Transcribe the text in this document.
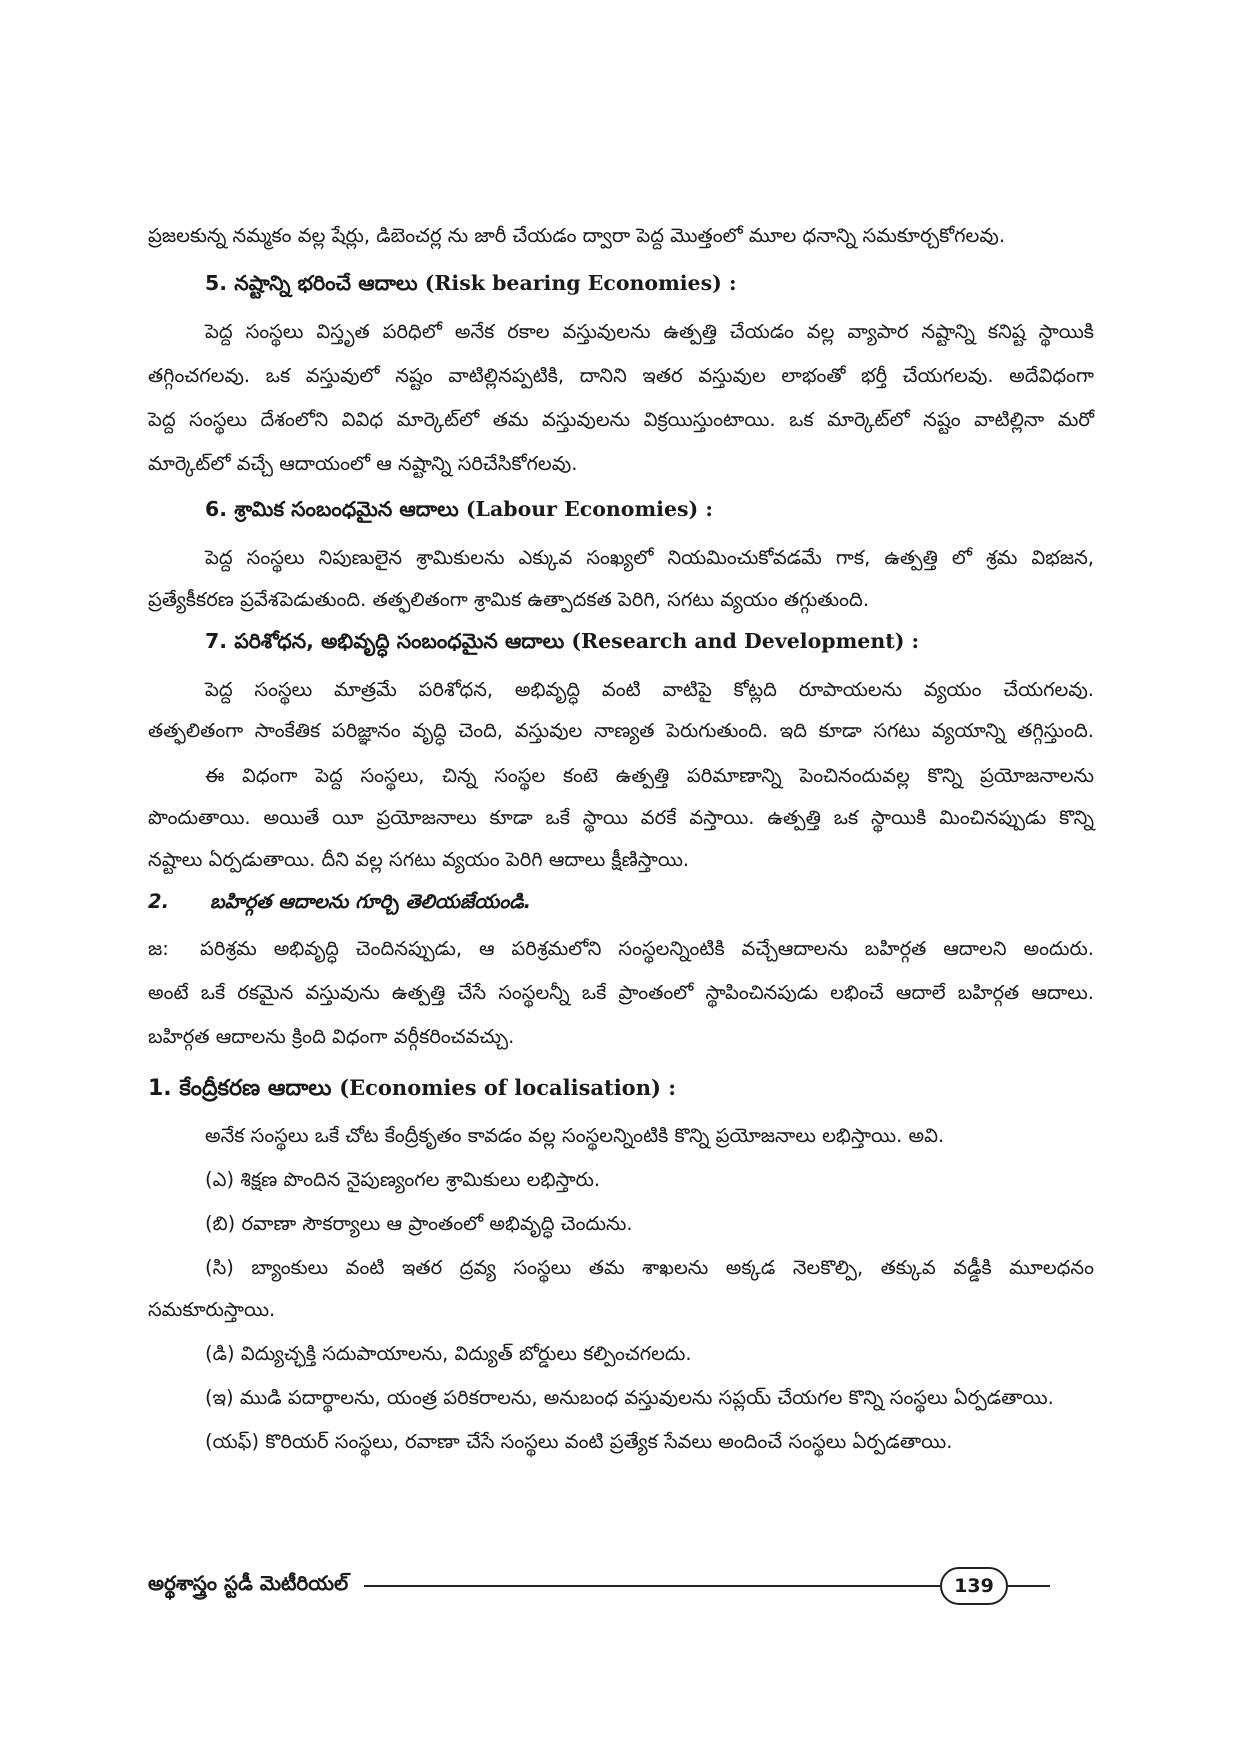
ప్రజలకున్న నమ్మకం వల్ల షేర్లు, డిబెంచర్ల ను జారీ చేయడం ద్వారా పెద్ద మొత్తంలో మూల ధనాన్ని సమకూర్చకోగలవు.
5. నష్టాన్ని భరించే ఆదాలు (Risk bearing Economies) :
పెద్ద సంస్థలు విస్తృత పరిధిలో అనేక రకాల వస్తువులను ఉత్పత్తి చేయడం వల్ల వ్యాపార నష్టాన్ని కనిష్ట స్థాయికి
తగ్గించగలవు. ఒక వస్తువులో నష్టం వాటిల్లినప్పటికి, దానిని ఇతర వస్తువుల లాభంతో భర్తీ చేయగలవు. అదేవిధంగా
పెద్ద సంస్థలు దేశంలోని వివిధ మార్కెట్‌లో తమ వస్తువులను విక్రయిస్తుంటాయి. ఒక మార్కెట్‌లో నష్టం వాటిల్లినా మరో
మార్కెట్‌లో వచ్చే ఆదాయంలో ఆ నష్టాన్ని సరిచేసికోగలవు.
6. శ్రామిక సంబంధమైన ఆదాలు (Labour Economies) :
పెద్ద సంస్థలు నిపుణులైన శ్రామికులను ఎక్కువ సంఖ్యలో నియమించుకోవడమే గాక, ఉత్పత్తి లో శ్రమ విభజన,
ప్రత్యేకీకరణ ప్రవేశపెడుతుంది. తత్ఫలితంగా శ్రామిక ఉత్పాదకత పెరిగి, సగటు వ్యయం తగ్గుతుంది.
7. పరిశోధన, అభివృద్ధి సంబంధమైన ఆదాలు (Research and Development) :
పెద్ద సంస్థలు మాత్రమే పరిశోధన, అభివృద్ధి వంటి వాటిపై కోట్లది రూపాయలను వ్యయం చేయగలవు.
తత్ఫలితంగా సాంకేతిక పరిజ్ఞానం వృద్ధి చెంది, వస్తువుల నాణ్యత పెరుగుతుంది. ఇది కూడా సగటు వ్యయాన్ని తగ్గిస్తుంది.
ఈ విధంగా పెద్ద సంస్థలు, చిన్న సంస్థల కంటె ఉత్పత్తి పరిమాణాన్ని పెంచినందువల్ల కొన్ని ప్రయోజనాలను
పొందుతాయి. అయితే యీ ప్రయోజనాలు కూడా ఒకే స్థాయి వరకే వస్తాయి. ఉత్పత్తి ఒక స్థాయికి మించినప్పుడు కొన్ని
నష్టాలు ఏర్పడుతాయి. దీని వల్ల సగటు వ్యయం పెరిగి ఆదాలు క్షీణిస్తాయి.
2. బహిర్గత ఆదాలను గూర్చి తెలియజేయండి.
జ: పరిశ్రమ అభివృద్ధి చెందినప్పుడు, ఆ పరిశ్రమలోని సంస్థలన్నింటికి వచ్చేఆదాలను బహిర్గత ఆదాలని అందురు.
అంటే ఒకే రకమైన వస్తువును ఉత్పత్తి చేసే సంస్థలన్నీ ఒకే ప్రాంతంలో స్థాపించినపుడు లభించే ఆదాలే బహిర్గత ఆదాలు.
బహిర్గత ఆదాలను క్రింది విధంగా వర్గీకరించవచ్చు.
1. కేంద్రీకరణ ఆదాలు (Economies of localisation) :
అనేక సంస్థలు ఒకే చోట కేంద్రీకృతం కావడం వల్ల సంస్థలన్నింటికి కొన్ని ప్రయోజనాలు లభిస్తాయి. అవి.
(ఎ) శిక్షణ పొందిన నైపుణ్యంగల శ్రామికులు లభిస్తారు.
(బి) రవాణా సౌకర్యాలు ఆ ప్రాంతంలో అభివృద్ధి చెందును.
(సి) బ్యాంకులు వంటి ఇతర ద్రవ్య సంస్థలు తమ శాఖలను అక్కడ నెలకొల్పి, తక్కువ వడ్డీకి మూలధనం
సమకూరుస్తాయి.
(డి) విద్యుచ్ఛక్తి సదుపాయాలను, విద్యుత్ బోర్డులు కల్పించగలదు.
(ఇ) ముడి పదార్థాలను, యంత్ర పరికరాలను, అనుబంధ వస్తువులను సప్లయ్ చేయగల కొన్ని సంస్థలు ఏర్పడతాయి.
(యఫ్) కొరియర్ సంస్థలు, రవాణా చేసే సంస్థలు వంటి ప్రత్యేక సేవలు అందించే సంస్థలు ఏర్పడతాయి.
అర్థశాస్త్రం స్టడీ మెటీరియల్	139
